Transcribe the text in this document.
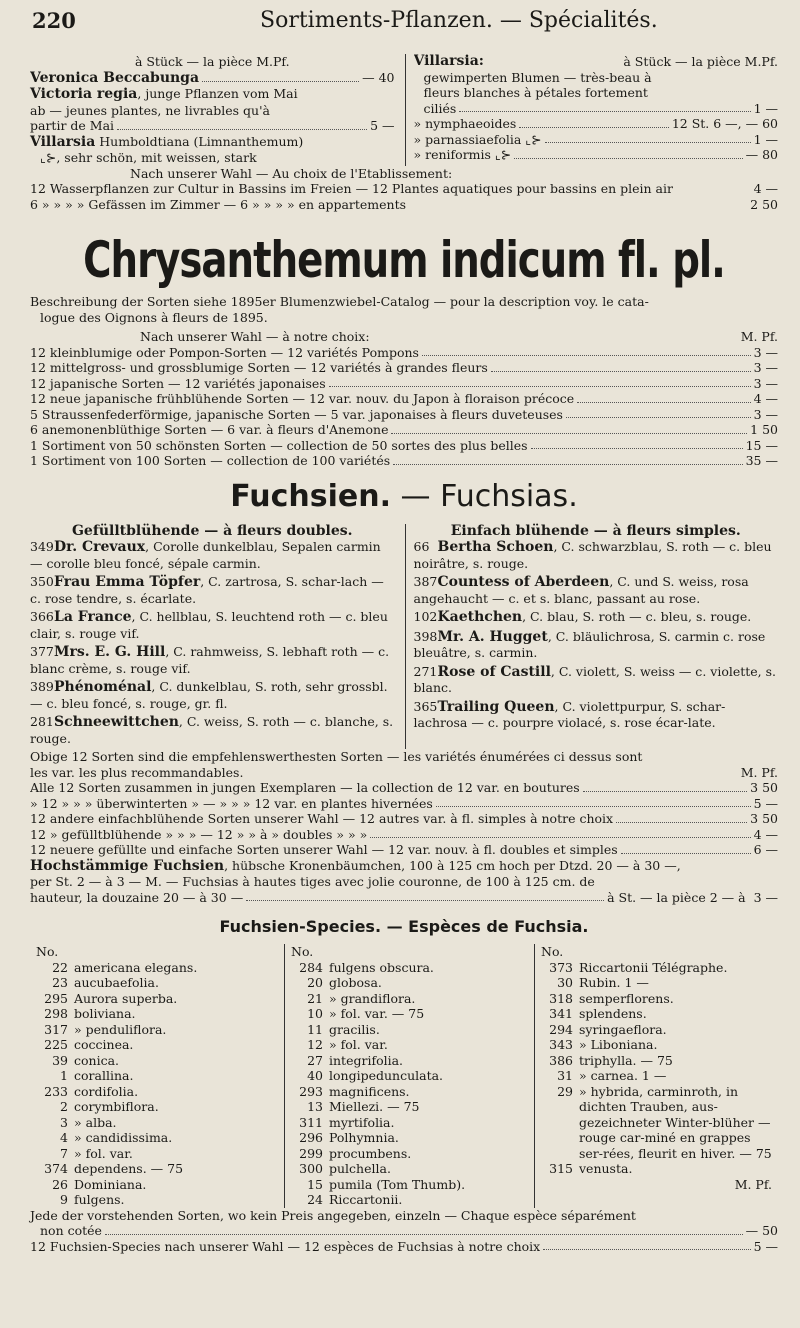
220	Sortiments-Pflanzen. — Spécialités.
à Stück — la pièce M.Pf.
Veronica Beccabunga	— 40
Victoria regia, junge Pflanzen vom Mai
ab — jeunes plantes, ne livrables qu'à
partir de Mai	5 —
Villarsia Humboldtiana (Limnanthemum)
⌞⊱, sehr schön, mit weissen, stark
Villarsia:	à Stück — la pièce M.Pf.
gewimperten Blumen — très-beau à
fleurs blanches à pétales fortement
ciliés	1 —
» nymphaeoides	12 St. 6 —, — 60
» parnassiaefolia ⌞⊱	1 —
» reniformis ⌞⊱	— 80
Nach unserer Wahl — Au choix de l'Etablissement:
12 Wasserpflanzen zur Cultur in Bassins im Freien — 12 Plantes aquatiques pour bassins en plein air	4 —
6 » » » » Gefässen im Zimmer — 6 » » » » en appartements	2 50
Chrysanthemum indicum fl. pl.
Beschreibung der Sorten siehe 1895er Blumenzwiebel-Catalog — pour la description voy. le cata-
logue des Oignons à fleurs de 1895.
Nach unserer Wahl — à notre choix:	M. Pf.
12 kleinblumige oder Pompon-Sorten — 12 variétés Pompons	3 —
12 mittelgross- und grossblumige Sorten — 12 variétés à grandes fleurs	3 —
12 japanische Sorten — 12 variétés japonaises	3 —
12 neue japanische frühblühende Sorten — 12 var. nouv. du Japon à floraison précoce	4 —
5 Straussenfederförmige, japanische Sorten — 5 var. japonaises à fleurs duveteuses	3 —
6 anemonenblüthige Sorten — 6 var. à fleurs d'Anemone	1 50
1 Sortiment von 50 schönsten Sorten — collection de 50 sortes des plus belles	15 —
1 Sortiment von 100 Sorten — collection de 100 variétés	35 —
Fuchsien. — Fuchsias.
Gefülltblühende — à fleurs doubles.
349Dr. Crevaux, Corolle dunkelblau, Sepalen carmin — corolle bleu foncé, sépale carmin.
350Frau Emma Töpfer, C. zartrosa, S. schar-lach — c. rose tendre, s. écarlate.
366La France, C. hellblau, S. leuchtend roth — c. bleu clair, s. rouge vif.
377Mrs. E. G. Hill, C. rahmweiss, S. lebhaft roth — c. blanc crème, s. rouge vif.
389Phénoménal, C. dunkelblau, S. roth, sehr grossbl. — c. bleu foncé, s. rouge, gr. fl.
281Schneewittchen, C. weiss, S. roth — c. blanche, s. rouge.
Einfach blühende — à fleurs simples.
66 Bertha Schoen, C. schwarzblau, S. roth — c. bleu noirâtre, s. rouge.
387Countess of Aberdeen, C. und S. weiss, rosa angehaucht — c. et s. blanc, passant au rose.
102Kaethchen, C. blau, S. roth — c. bleu, s. rouge.
398Mr. A. Hugget, C. bläulichrosa, S. carmin c. rose bleuâtre, s. carmin.
271Rose of Castill, C. violett, S. weiss — c. violette, s. blanc.
365Trailing Queen, C. violettpurpur, S. schar-lachrosa — c. pourpre violacé, s. rose écar-late.
Obige 12 Sorten sind die empfehlenswerthesten Sorten — les variétés énumérées ci dessus sont
les var. les plus recommandables.	M. Pf.
Alle 12 Sorten zusammen in jungen Exemplaren — la collection de 12 var. en boutures	3 50
» 12 » » » überwinterten » — » » » 12 var. en plantes hivernées	5 —
12 andere einfachblühende Sorten unserer Wahl — 12 autres var. à fl. simples à notre choix	3 50
12 » gefülltblühende » » » — 12 » » à » doubles » » »	4 —
12 neuere gefüllte und einfache Sorten unserer Wahl — 12 var. nouv. à fl. doubles et simples	6 —
Hochstämmige Fuchsien, hübsche Kronenbäumchen, 100 à 125 cm hoch per Dtzd. 20 — à 30 —,
per St. 2 — à 3 — M. — Fuchsias à hautes tiges avec jolie couronne, de 100 à 125 cm. de
hauteur, la douzaine 20 — à 30 —	à St. — la pièce 2 — à 3 —
Fuchsien-Species. — Espèces de Fuchsia.
No.
22 americana elegans.
23 aucubaefolia.
295 Aurora superba.
298 boliviana.
317 » penduliflora.
225 coccinea.
39 conica.
1 corallina.
233 cordifolia.
2 corymbiflora.
3 » alba.
4 » candidissima.
7 » fol. var.
374 dependens. — 75
26 Dominiana.
9 fulgens.
No.
284 fulgens obscura.
20 globosa.
21 » grandiflora.
10 » fol. var. — 75
11 gracilis.
12 » fol. var.
27 integrifolia.
40 longipedunculata.
293 magnificens.
13 Miellezi. — 75
311 myrtifolia.
296 Polhymnia.
299 procumbens.
300 pulchella.
15 pumila (Tom Thumb).
24 Riccartonii.
No.
373 Riccartonii Télégraphe.
30 Rubin. 1 —
318 semperflorens.
341 splendens.
294 syringaeflora.
343 » Liboniana.
386 triphylla. — 75
31 » carnea. 1 —
29 » hybrida, carminroth, in dichten Trauben, aus-gezeichneter Winter-blüher — rouge car-miné en grappes ser-rées, fleurit en hiver. — 75
315 venusta.
M. Pf.
Jede der vorstehenden Sorten, wo kein Preis angegeben, einzeln — Chaque espèce séparément
non cotée	— 50
12 Fuchsien-Species nach unserer Wahl — 12 espèces de Fuchsias à notre choix	5 —
